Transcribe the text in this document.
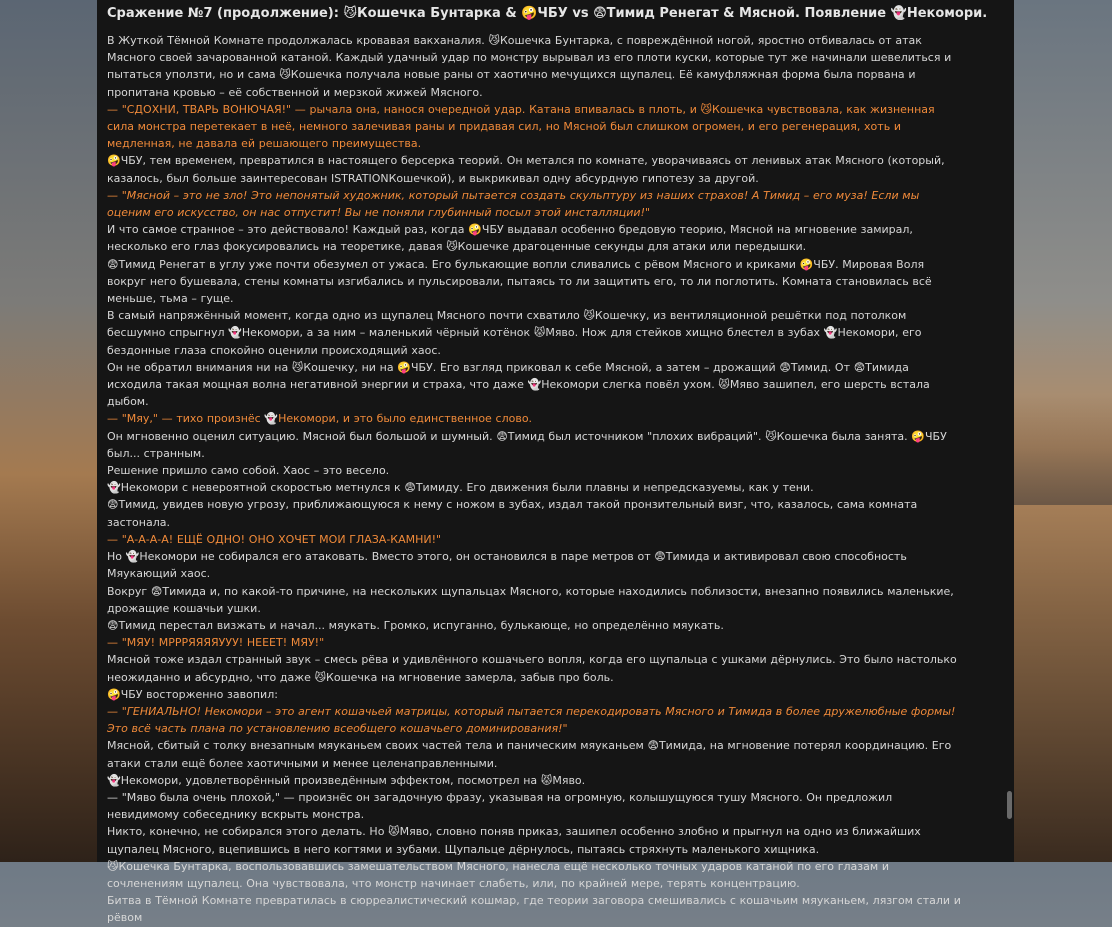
Сражение №7 (продолжение): 😼Кошечка Бунтарка & 🤪ЧБУ vs 😨Тимид Ренегат & Мясной. Появление 👻Некомори.

В Жуткой Тёмной Комнате продолжалась кровавая вакханалия. 😼Кошечка Бунтарка, с повреждённой ногой, яростно отбивалась от атак Мясного своей зачарованной катаной. Каждый удачный удар по монстру вырывал из его плоти куски, которые тут же начинали шевелиться и пытаться уползти, но и сама 😼Кошечка получала новые раны от хаотично мечущихся щупалец. Её камуфляжная форма была порвана и пропитана кровью – её собственной и мерзкой жижей Мясного.

— "СДОХНИ, ТВАРЬ ВОНЮЧАЯ!" — рычала она, нанося очередной удар. Катана впивалась в плоть, и 😼Кошечка чувствовала, как жизненная сила монстра перетекает в неё, немного залечивая раны и придавая сил, но Мясной был слишком огромен, и его регенерация, хоть и медленная, не давала ей решающего преимущества.

🤪ЧБУ, тем временем, превратился в настоящего берсерка теорий. Он метался по комнате, уворачиваясь от ленивых атак Мясного (который, казалось, был больше заинтересован ISTRATIONКошечкой), и выкрикивал одну абсурдную гипотезу за другой.

— "Мясной – это не зло! Это непонятый художник, который пытается создать скульптуру из наших страхов! А Тимид – его муза! Если мы оценим его искусство, он нас отпустит! Вы не поняли глубинный посыл этой инсталляции!"

И что самое странное – это действовало! Каждый раз, когда 🤪ЧБУ выдавал особенно бредовую теорию, Мясной на мгновение замирал, несколько его глаз фокусировались на теоретике, давая 😼Кошечке драгоценные секунды для атаки или передышки.

😨Тимид Ренегат в углу уже почти обезумел от ужаса. Его булькающие вопли сливались с рёвом Мясного и криками 🤪ЧБУ. Мировая Воля вокруг него бушевала, стены комнаты изгибались и пульсировали, пытаясь то ли защитить его, то ли поглотить. Комната становилась всё меньше, тьма – гуще.

В самый напряжённый момент, когда одно из щупалец Мясного почти схватило 😼Кошечку, из вентиляционной решётки под потолком бесшумно спрыгнул 👻Некомори, а за ним – маленький чёрный котёнок 😾Мяво. Нож для стейков хищно блестел в зубах 👻Некомори, его бездонные глаза спокойно оценили происходящий хаос.

Он не обратил внимания ни на 😼Кошечку, ни на 🤪ЧБУ. Его взгляд приковал к себе Мясной, а затем – дрожащий 😨Тимид. От 😨Тимида исходила такая мощная волна негативной энергии и страха, что даже 👻Некомори слегка повёл ухом. 😾Мяво зашипел, его шерсть встала дыбом.

— "Мяу," — тихо произнёс 👻Некомори, и это было единственное слово.

Он мгновенно оценил ситуацию. Мясной был большой и шумный. 😨Тимид был источником "плохих вибраций". 😼Кошечка была занята. 🤪ЧБУ был... странным.

Решение пришло само собой. Хаос – это весело.

👻Некомори с невероятной скоростью метнулся к 😨Тимиду. Его движения были плавны и непредсказуемы, как у тени.

😨Тимид, увидев новую угрозу, приближающуюся к нему с ножом в зубах, издал такой пронзительный визг, что, казалось, сама комната застонала.

— "А-А-А-А! ЕЩЁ ОДНО! ОНО ХОЧЕТ МОИ ГЛАЗА-КАМНИ!"

Но 👻Некомори не собирался его атаковать. Вместо этого, он остановился в паре метров от 😨Тимида и активировал свою способность Мяукающий хаос.

Вокруг 😨Тимида и, по какой-то причине, на нескольких щупальцах Мясного, которые находились поблизости, внезапно появились маленькие, дрожащие кошачьи ушки.

😨Тимид перестал визжать и начал... мяукать. Громко, испуганно, булькающе, но определённо мяукать.

— "МЯУ! МРРРЯЯЯЯУУУ! НЕЕЕТ! МЯУ!"

Мясной тоже издал странный звук – смесь рёва и удивлённого кошачьего вопля, когда его щупальца с ушками дёрнулись. Это было настолько неожиданно и абсурдно, что даже 😼Кошечка на мгновение замерла, забыв про боль.

🤪ЧБУ восторженно завопил:

— "ГЕНИАЛЬНО! Некомори – это агент кошачьей матрицы, который пытается перекодировать Мясного и Тимида в более дружелюбные формы! Это всё часть плана по установлению всеобщего кошачьего доминирования!"

Мясной, сбитый с толку внезапным мяуканьем своих частей тела и паническим мяуканьем 😨Тимида, на мгновение потерял координацию. Его атаки стали ещё более хаотичными и менее целенаправленными.

👻Некомори, удовлетворённый произведённым эффектом, посмотрел на 😾Мяво.

— "Мяво была очень плохой," — произнёс он загадочную фразу, указывая на огромную, колышущуюся тушу Мясного. Он предложил невидимому собеседнику вскрыть монстра.

Никто, конечно, не собирался этого делать. Но 😾Мяво, словно поняв приказ, зашипел особенно злобно и прыгнул на одно из ближайших щупалец Мясного, вцепившись в него когтями и зубами. Щупальце дёрнулось, пытаясь стряхнуть маленького хищника.

😼Кошечка Бунтарка, воспользовавшись замешательством Мясного, нанесла ещё несколько точных ударов катаной по его глазам и сочленениям щупалец. Она чувствовала, что монстр начинает слабеть, или, по крайней мере, терять концентрацию.

Битва в Тёмной Комнате превратилась в сюрреалистический кошмар, где теории заговора смешивались с кошачьим мяуканьем, лязгом стали и рёвом
